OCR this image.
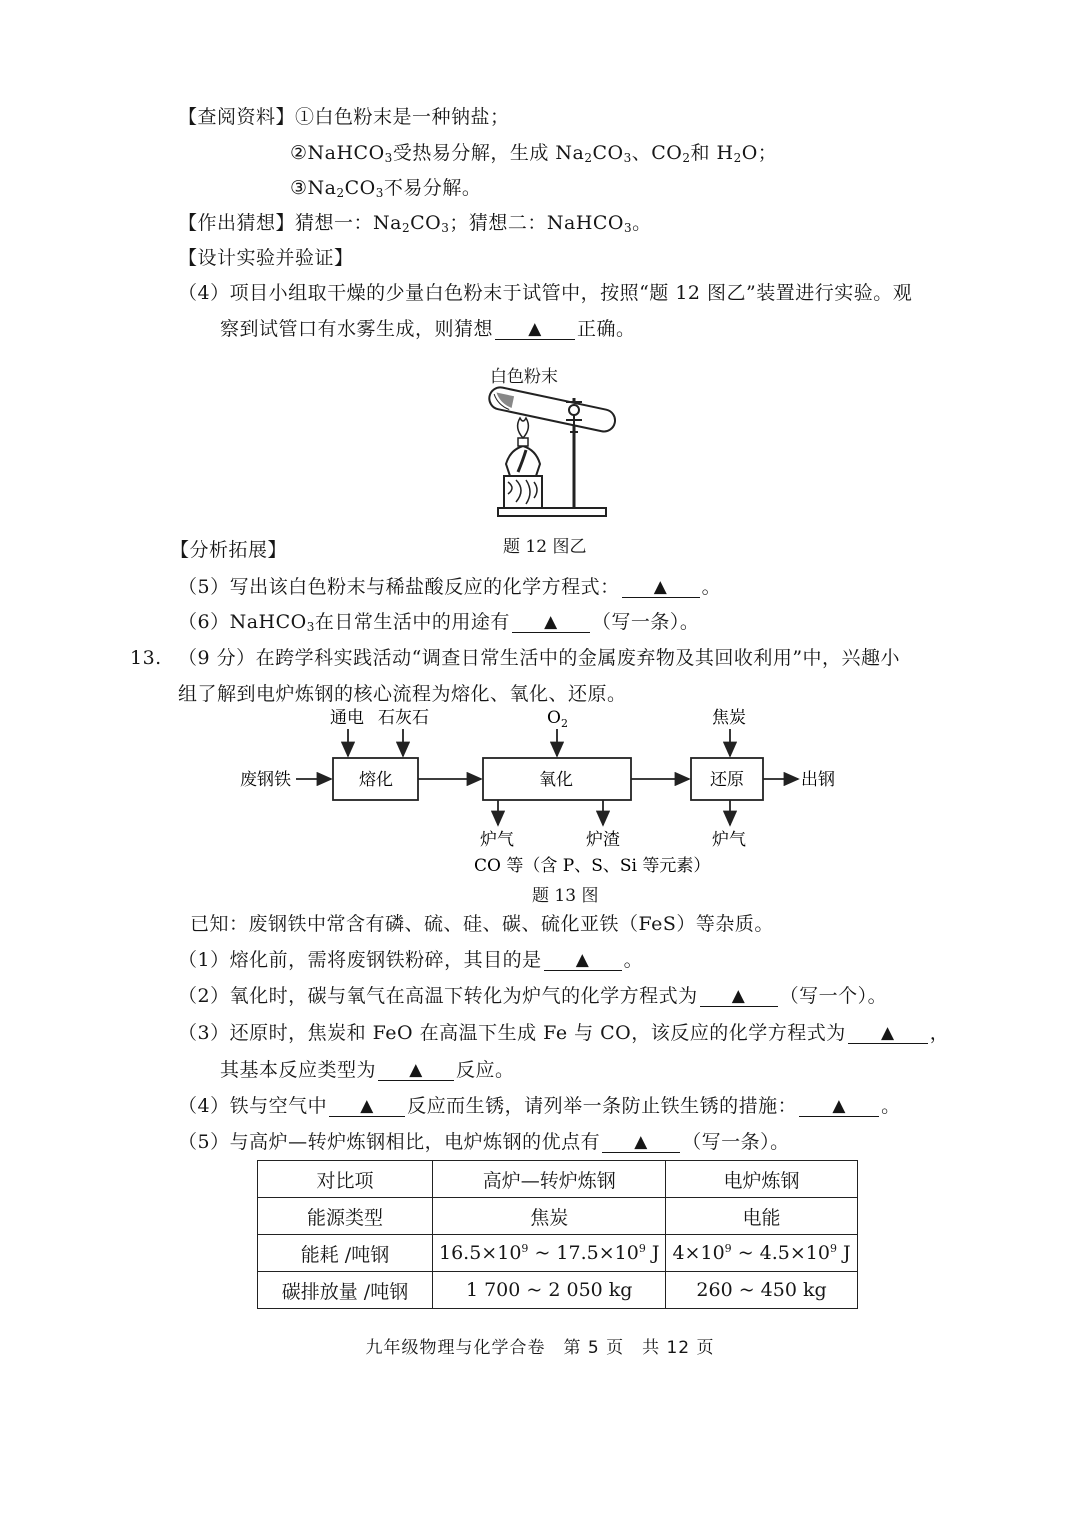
【查阅资料】①白色粉末是一种钠盐；
②NaHCO$_3$受热易分解，生成 $Na_2CO_3$、$CO_2$和 $H_2O$；
$③Na_2CO_3$不易分解。
【作出猜想】猜想一：$Na_2CO_3$；猜想二：NaHCO$_3$。
【设计实验并验证】
（4）项目小组取干燥的少量白色粉末于试管中，按照“题 12 图乙”装置进行实验。观
察到试管口有水雾生成，则猜想 ▲ 正确。
白色粉末
题 12 图乙
【分析拓展】
（5）写出该白色粉末与稀盐酸反应的化学方程式： ▲ 。
（6）NaHCO$_3$在日常生活中的用途有 ▲ （写一条）。
13. （9 分）在跨学科实践活动“调查日常生活中的金属废弃物及其回收利用”中，兴趣小
组了解到电炉炼钢的核心流程为熔化、氧化、还原。
废钢铁	熔化	氧化	还原	出钢
通电 石灰石	$O_2$	焦炭
炉气	炉渣	炉气
CO 等（含 P、S、Si 等元素）
题 13 图
已知：废钢铁中常含有磷、硫、硅、碳、硫化亚铁（FeS）等杂质。
（1）熔化前，需将废钢铁粉碎，其目的是 ▲ 。
（2）氧化时，碳与氧气在高温下转化为炉气的化学方程式为 ▲ （写一个）。
（3）还原时，焦炭和 FeO 在高温下生成 Fe 与 CO，该反应的化学方程式为 ▲ ，
其基本反应类型为 ▲ 反应。
（4）铁与空气中 ▲ 反应而生锈，请列举一条防止铁生锈的措施： ▲ 。
（5）与高炉—转炉炼钢相比，电炉炼钢的优点有 ▲ （写一条）。
对比项	高炉—转炉炼钢	电炉炼钢
能源类型	焦炭	电能
能耗 /吨钢	$16.5\times 10^9$ ~ $17.5\times 10^9$ J	$4\times 10^9$ ~ $4.5\times 10^9$ J
碳排放量 /吨钢	1 700 ~ 2 050 kg	260 ~ 450 kg
九年级物理与化学合卷　第 5 页　共 12 页
